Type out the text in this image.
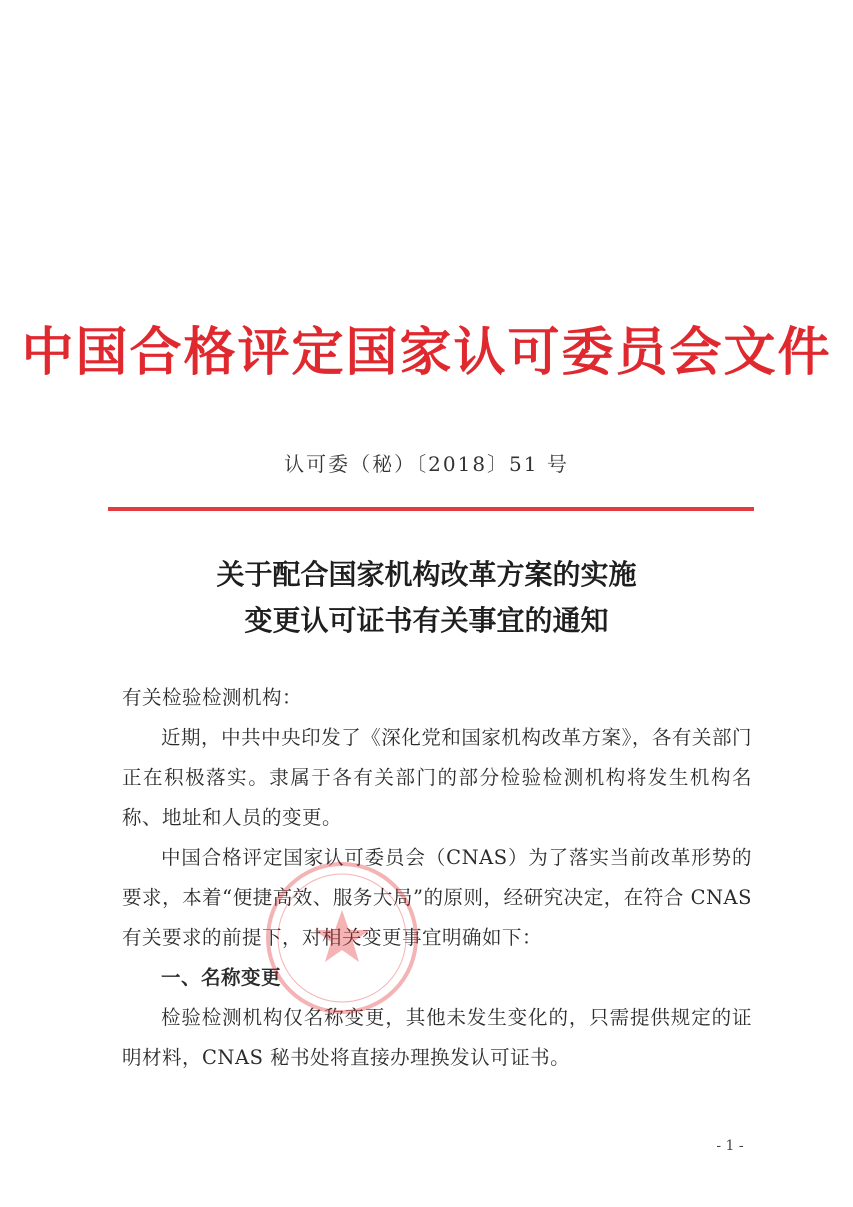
中国合格评定国家认可委员会文件
认可委（秘）〔2018〕51 号
关于配合国家机构改革方案的实施
变更认可证书有关事宜的通知

有关检验检测机构：

近期，中共中央印发了《深化党和国家机构改革方案》，各有关部门正在积极落实。隶属于各有关部门的部分检验检测机构将发生机构名称、地址和人员的变更。

中国合格评定国家认可委员会（CNAS）为了落实当前改革形势的要求，本着“便捷高效、服务大局”的原则，经研究决定，在符合 CNAS 有关要求的前提下，对相关变更事宜明确如下：

一、名称变更

检验检测机构仅名称变更，其他未发生变化的，只需提供规定的证明材料，CNAS 秘书处将直接办理换发认可证书。

- 1 -
